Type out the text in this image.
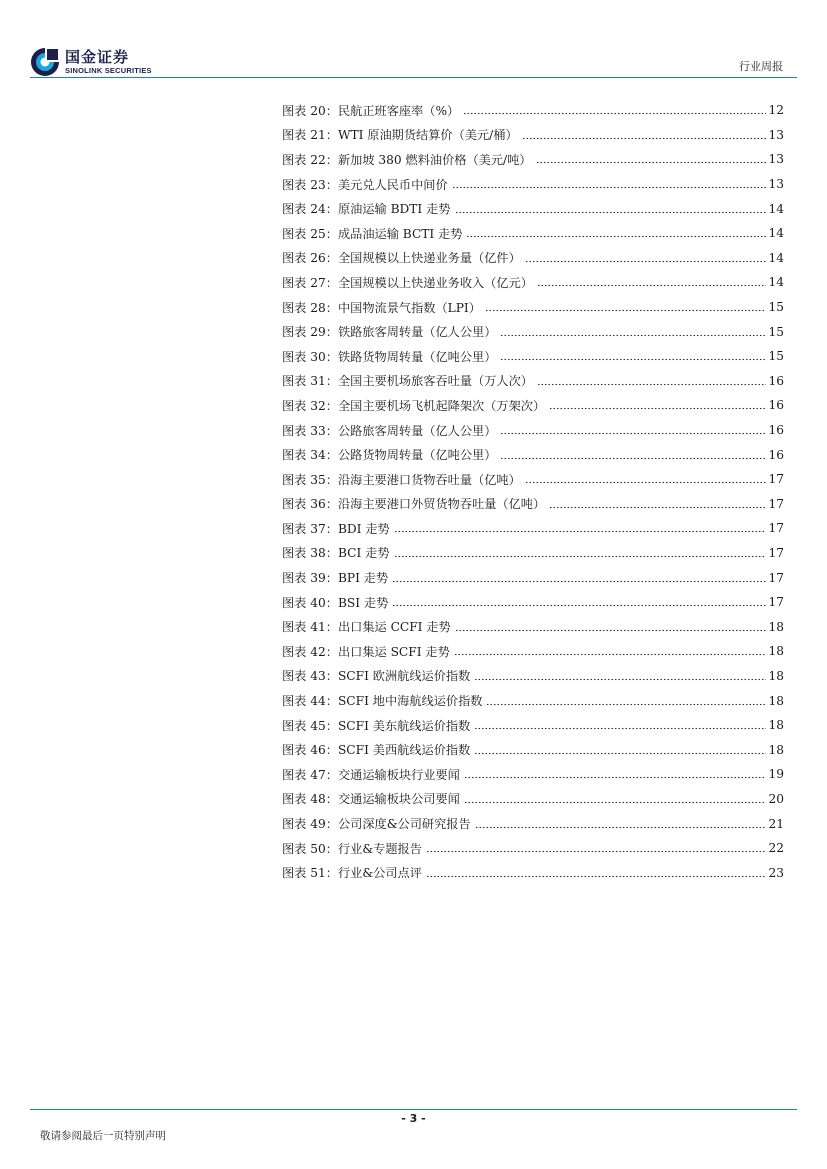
国金证券
SINOLINK SECURITIES	行业周报
图表 20：民航正班客座率（%）	12
图表 21：WTI 原油期货结算价（美元/桶）	13
图表 22：新加坡 380 燃料油价格（美元/吨）	13
图表 23：美元兑人民币中间价	13
图表 24：原油运输 BDTI 走势	14
图表 25：成品油运输 BCTI 走势	14
图表 26：全国规模以上快递业务量（亿件）	14
图表 27：全国规模以上快递业务收入（亿元）	14
图表 28：中国物流景气指数（LPI）	15
图表 29：铁路旅客周转量（亿人公里）	15
图表 30：铁路货物周转量（亿吨公里）	15
图表 31：全国主要机场旅客吞吐量（万人次）	16
图表 32：全国主要机场飞机起降架次（万架次）	16
图表 33：公路旅客周转量（亿人公里）	16
图表 34：公路货物周转量（亿吨公里）	16
图表 35：沿海主要港口货物吞吐量（亿吨）	17
图表 36：沿海主要港口外贸货物吞吐量（亿吨）	17
图表 37：BDI 走势	17
图表 38：BCI 走势	17
图表 39：BPI 走势	17
图表 40：BSI 走势	17
图表 41：出口集运 CCFI 走势	18
图表 42：出口集运 SCFI 走势	18
图表 43：SCFI 欧洲航线运价指数	18
图表 44：SCFI 地中海航线运价指数	18
图表 45：SCFI 美东航线运价指数	18
图表 46：SCFI 美西航线运价指数	18
图表 47：交通运输板块行业要闻	19
图表 48：交通运输板块公司要闻	20
图表 49：公司深度&公司研究报告	21
图表 50：行业&专题报告	22
图表 51：行业&公司点评	23
- 3 -
敬请参阅最后一页特别声明
